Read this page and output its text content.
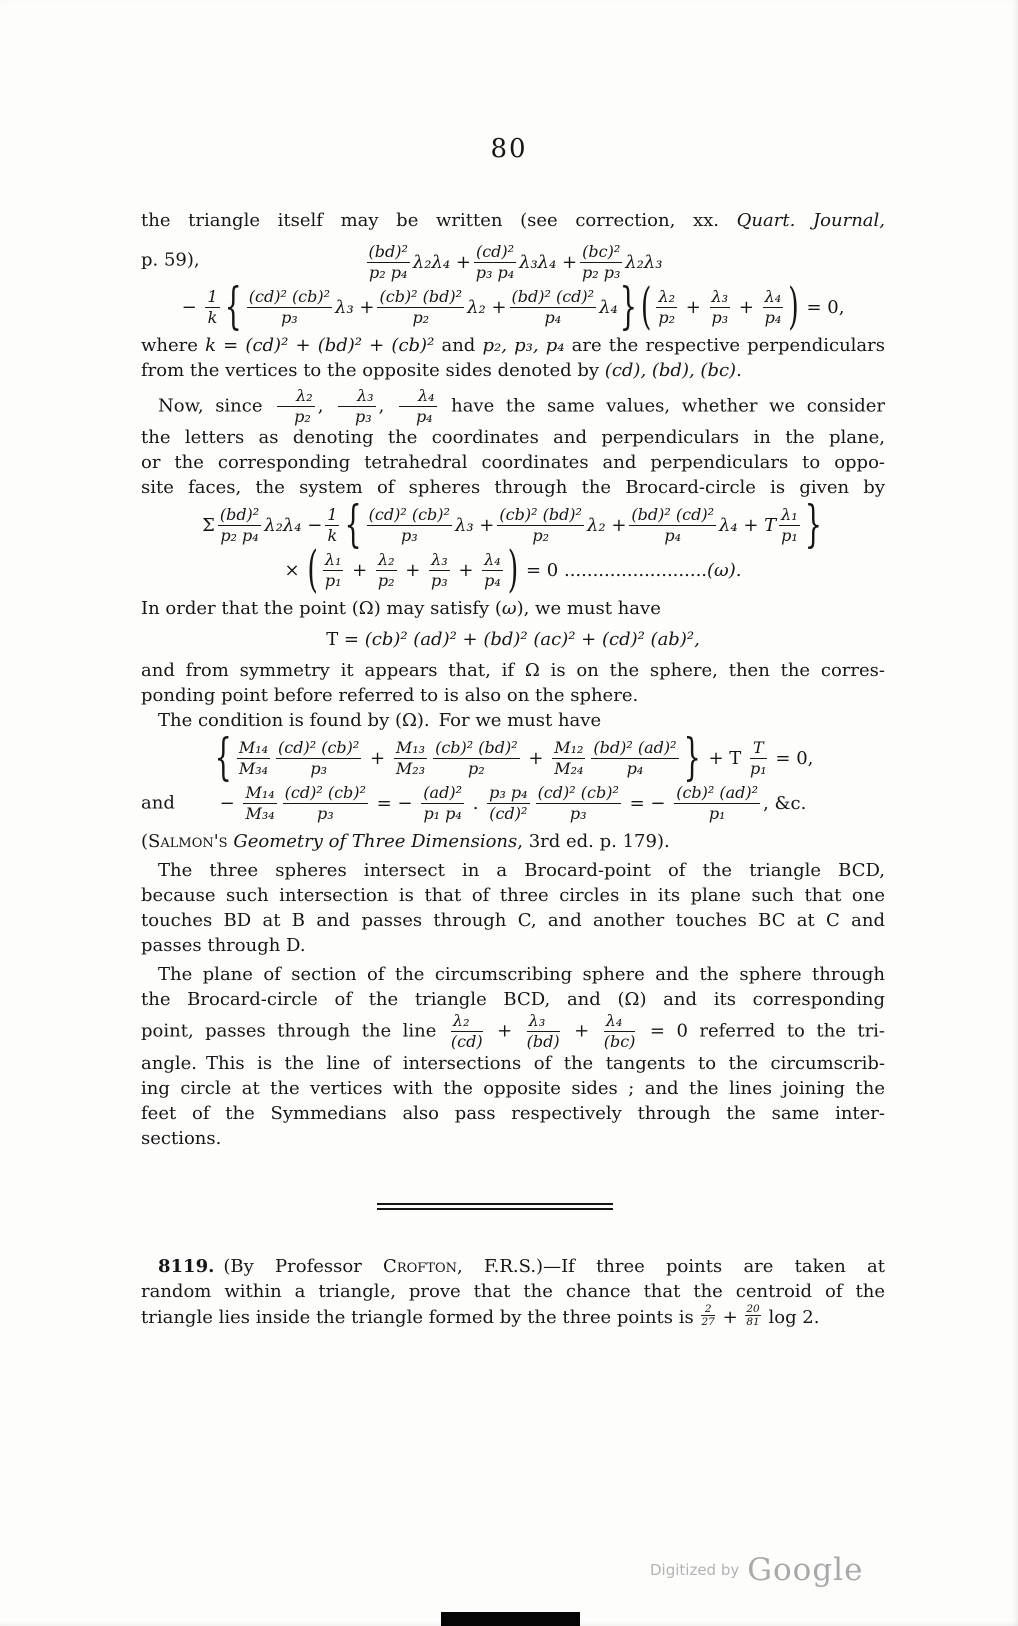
80
the triangle itself may be written (see correction, xx. Quart. Journal,
p. 59),	$\frac{\text{(bd)²}}{\text{p₂ p₄}} \lambda_2\lambda_4 + \frac{\text{(cd)²}}{\text{p₃ p₄}} \lambda_3\lambda_4 + \frac{\text{(bc)²}}{\text{p₂ p₃}} \lambda_2\lambda_3$
− $\frac{1}{k}$ { $\frac{\text{(cd)² (cb)²}}{\text{p₃}} \lambda_3 + \frac{\text{(cb)² (bd)²}}{\text{p₂}} \lambda_2 + \frac{\text{(bd)² (cd)²}}{\text{p₄}} \lambda_4$ } ( $\frac{\text{λ₂}}{\text{p₂}} + \frac{\text{λ₃}}{\text{p₃}} + \frac{\text{λ₄}}{\text{p₄}}$ ) = 0,
where k = (cd)² + (bd)² + (cb)² and p₂, p₃, p₄ are the respective perpendiculars
from the vertices to the opposite sides denoted by (cd), (bd), (bc).
Now, since $\frac{\text{λ₂}}{\text{p₂}}$ , $\frac{\text{λ₃}}{\text{p₃}}$ , $\frac{\text{λ₄}}{\text{p₄}}$ have the same values, whether we consider
the letters as denoting the coordinates and perpendiculars in the plane,
or the corresponding tetrahedral coordinates and perpendiculars to oppo-
site faces, the system of spheres through the Brocard-circle is given by
Σ $\frac{\text{(bd)²}}{\text{p₂ p₄}} \lambda_2\lambda_4 - \frac{1}{k}$ { $\frac{\text{(cd)² (cb)²}}{\text{p₃}} \lambda_3 + \frac{\text{(cb)² (bd)²}}{\text{p₂}} \lambda_2 + \frac{\text{(bd)² (cd)²}}{\text{p₄}} \lambda_4 + T \frac{\text{λ₁}}{\text{p₁}}$ }
× ( $\frac{\text{λ₁}}{\text{p₁}} + \frac{\text{λ₂}}{\text{p₂}} + \frac{\text{λ₃}}{\text{p₃}} + \frac{\text{λ₄}}{\text{p₄}}$ ) = 0 ......................... (ω).
In order that the point (Ω) may satisfy (ω), we must have
T = (cb)² (ad)² + (bd)² (ac)² + (cd)² (ab)²,
and from symmetry it appears that, if Ω is on the sphere, then the corres-
ponding point before referred to is also on the sphere.
The condition is found by (Ω). For we must have
{ $\frac{\text{M₁₄}}{\text{M₃₄}} \frac{\text{(cd)² (cb)²}}{\text{p₃}} + \frac{\text{M₁₃}}{\text{M₂₃}} \frac{\text{(cb)² (bd)²}}{\text{p₂}} + \frac{\text{M₁₂}}{\text{M₂₄}} \frac{\text{(bd)² (ad)²}}{\text{p₄}}$ } + T $\frac{T}{\text{p₁}} = 0$,
and − $\frac{\text{M₁₄}}{\text{M₃₄}} \frac{\text{(cd)² (cb)²}}{\text{p₃}}$ = − $\frac{\text{(ad)²}}{\text{p₁ p₄}}$ . $\frac{\text{p₃ p₄}}{\text{(cd)²}} \frac{\text{(cd)² (cb)²}}{\text{p₃}}$ = − $\frac{\text{(cb)² (ad)²}}{\text{p₁}}$ , &c.
(Salmon's Geometry of Three Dimensions, 3rd ed. p. 179).
The three spheres intersect in a Brocard-point of the triangle BCD,
because such intersection is that of three circles in its plane such that one
touches BD at B and passes through C, and another touches BC at C and
passes through D.
The plane of section of the circumscribing sphere and the sphere through
the Brocard-circle of the triangle BCD, and (Ω) and its corresponding
point, passes through the line $\frac{\text{λ₂}}{(cd)} + \frac{\text{λ₃}}{(bd)} + \frac{\text{λ₄}}{(bc)} = 0$ referred to the tri-
angle. This is the line of intersections of the tangents to the circumscrib-
ing circle at the vertices with the opposite sides ; and the lines joining the
feet of the Symmedians also pass respectively through the same inter-
sections.
8119. (By Professor Crofton, F.R.S.)—If three points are taken at
random within a triangle, prove that the chance that the centroid of the
triangle lies inside the triangle formed by the three points is $\frac{2}{27} + \frac{20}{81}$ log 2.
Digitized by Google
